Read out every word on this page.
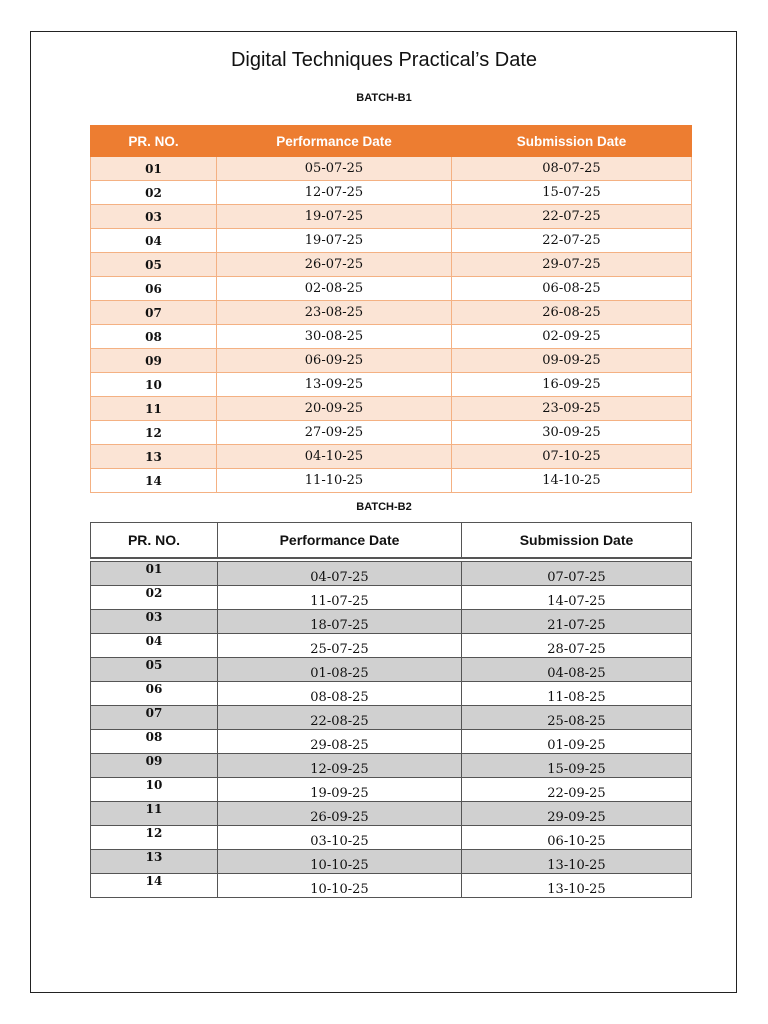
Digital Techniques Practical’s Date
BATCH-B1
PR. NO.	Performance Date	Submission Date
01	05-07-25	08-07-25
02	12-07-25	15-07-25
03	19-07-25	22-07-25
04	19-07-25	22-07-25
05	26-07-25	29-07-25
06	02-08-25	06-08-25
07	23-08-25	26-08-25
08	30-08-25	02-09-25
09	06-09-25	09-09-25
10	13-09-25	16-09-25
11	20-09-25	23-09-25
12	27-09-25	30-09-25
13	04-10-25	07-10-25
14	11-10-25	14-10-25
BATCH-B2
PR. NO.	Performance Date	Submission Date

01	04-07-25	07-07-25
02	11-07-25	14-07-25
03	18-07-25	21-07-25
04	25-07-25	28-07-25
05	01-08-25	04-08-25
06	08-08-25	11-08-25
07	22-08-25	25-08-25
08	29-08-25	01-09-25
09	12-09-25	15-09-25
10	19-09-25	22-09-25
11	26-09-25	29-09-25
12	03-10-25	06-10-25
13	10-10-25	13-10-25
14	10-10-25	13-10-25
